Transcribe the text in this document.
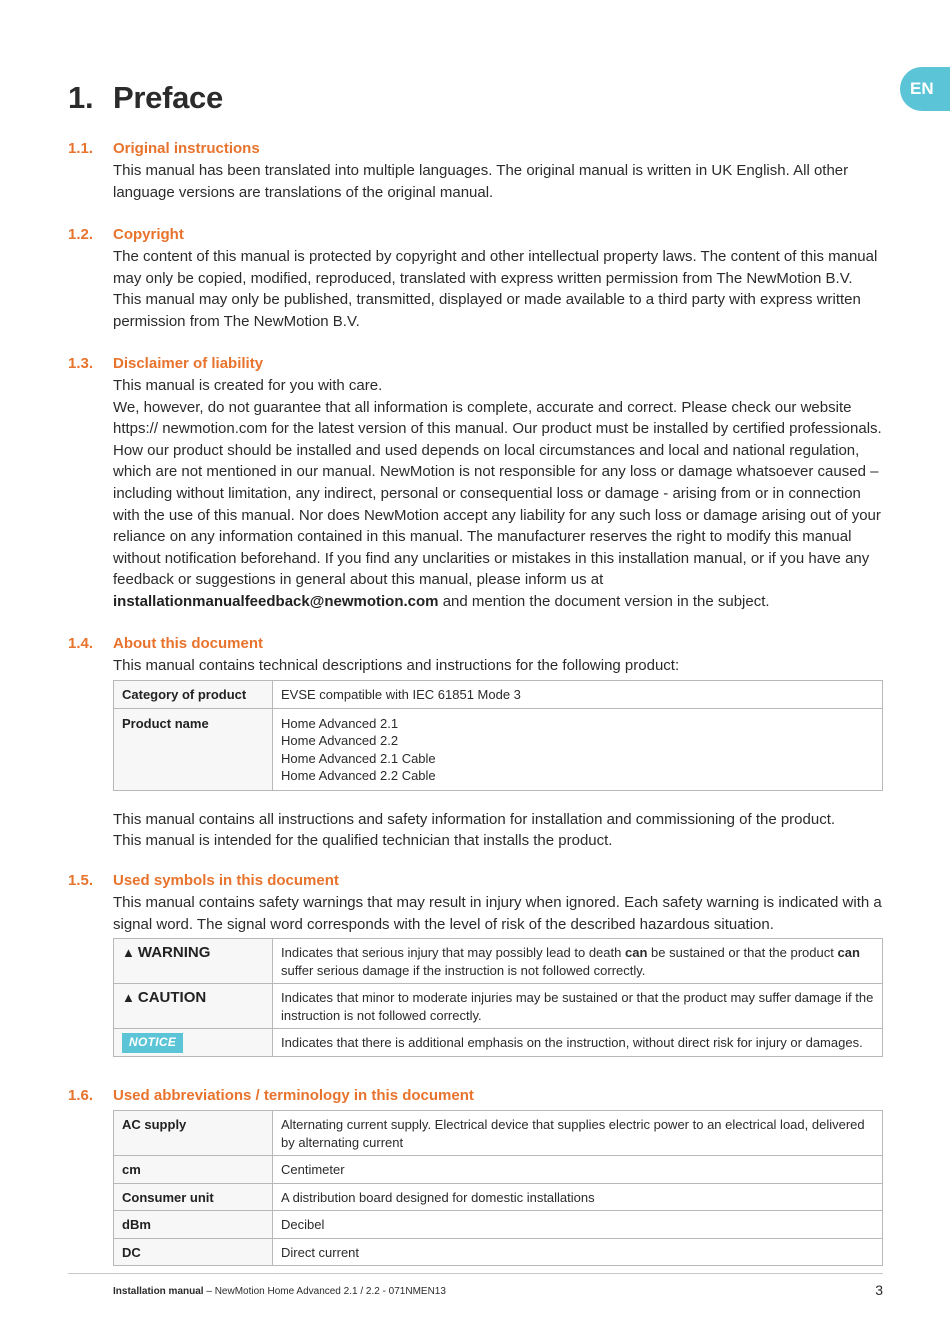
EN
1. Preface
1.1. Original instructions

This manual has been translated into multiple languages. The original manual is written in UK English. All other language versions are translations of the original manual.

1.2. Copyright

The content of this manual is protected by copyright and other intellectual property laws. The content of this manual may only be copied, modified, reproduced, translated with express written permission from The NewMotion B.V. This manual may only be published, transmitted, displayed or made available to a third party with express written permission from The NewMotion B.V.

1.3. Disclaimer of liability

This manual is created for you with care.

We, however, do not guarantee that all information is complete, accurate and correct. Please check our website https:// newmotion.com for the latest version of this manual. Our product must be installed by certified professionals. How our product should be installed and used depends on local circumstances and local and national regulation, which are not mentioned in our manual. NewMotion is not responsible for any loss or damage whatsoever caused – including without limitation, any indirect, personal or consequential loss or damage - arising from or in connection with the use of this manual. Nor does NewMotion accept any liability for any such loss or damage arising out of your reliance on any information contained in this manual. The manufacturer reserves the right to modify this manual without notification beforehand. If you find any unclarities or mistakes in this installation manual, or if you have any feedback or suggestions in general about this manual, please inform us at installationmanualfeedback@newmotion.com and mention the document version in the subject.

1.4. About this document

This manual contains technical descriptions and instructions for the following product:

Category of product	EVSE compatible with IEC 61851 Mode 3
Product name	Home Advanced 2.1
Home Advanced 2.2
Home Advanced 2.1 Cable
Home Advanced 2.2 Cable

This manual contains all instructions and safety information for installation and commissioning of the product.

This manual is intended for the qualified technician that installs the product.

1.5. Used symbols in this document

This manual contains safety warnings that may result in injury when ignored. Each safety warning is indicated with a signal word. The signal word corresponds with the level of risk of the described hazardous situation.

▲ WARNING	Indicates that serious injury that may possibly lead to death can be sustained or that the product can suffer serious damage if the instruction is not followed correctly.
▲ CAUTION	Indicates that minor to moderate injuries may be sustained or that the product may suffer damage if the instruction is not followed correctly.
NOTICE	Indicates that there is additional emphasis on the instruction, without direct risk for injury or damages.
1.6. Used abbreviations / terminology in this document
AC supply	Alternating current supply. Electrical device that supplies electric power to an electrical load, delivered by alternating current
cm	Centimeter
Consumer unit	A distribution board designed for domestic installations
dBm	Decibel
DC	Direct current
Installation manual – NewMotion Home Advanced 2.1 / 2.2 - 071NMEN13	3
